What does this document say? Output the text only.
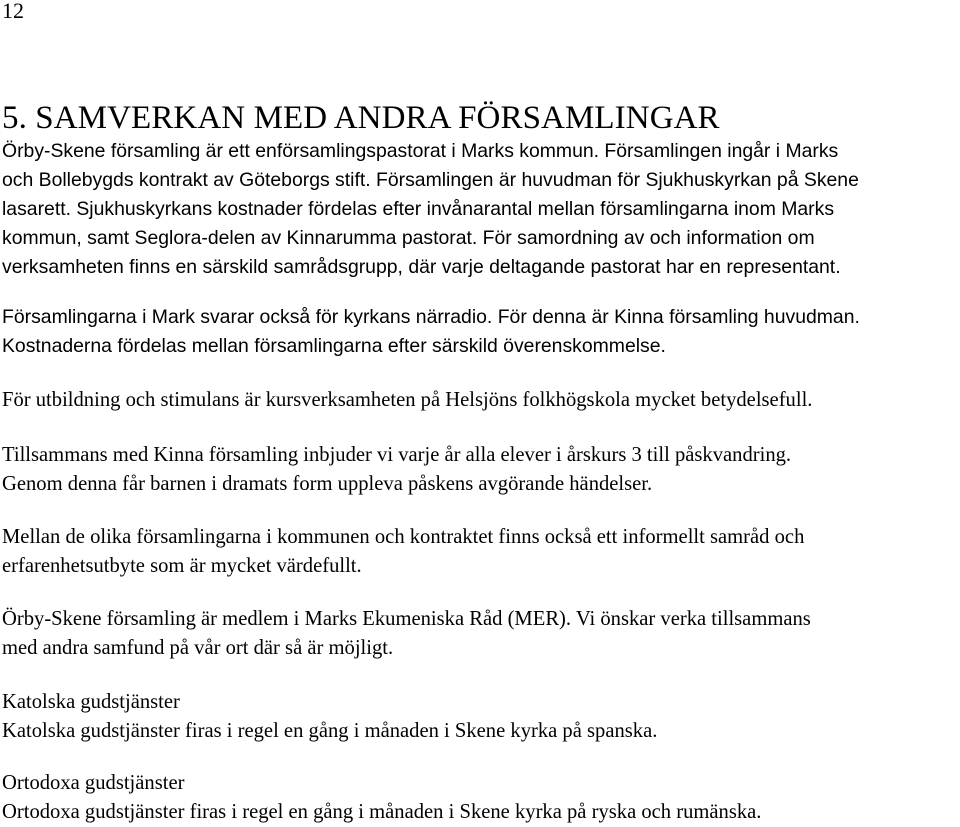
12
5. SAMVERKAN MED ANDRA FÖRSAMLINGAR

Örby-Skene församling är ett enförsamlingspastorat i Marks kommun. Församlingen ingår i Marks
och Bollebygds kontrakt av Göteborgs stift. Församlingen är huvudman för Sjukhuskyrkan på Skene
lasarett. Sjukhuskyrkans kostnader fördelas efter invånarantal mellan församlingarna inom Marks
kommun, samt Seglora-delen av Kinnarumma pastorat. För samordning av och information om
verksamheten finns en särskild samrådsgrupp, där varje deltagande pastorat har en representant.

Församlingarna i Mark svarar också för kyrkans närradio. För denna är Kinna församling huvudman.
Kostnaderna fördelas mellan församlingarna efter särskild överenskommelse.

För utbildning och stimulans är kursverksamheten på Helsjöns folkhögskola mycket betydelsefull.

Tillsammans med Kinna församling inbjuder vi varje år alla elever i årskurs 3 till påskvandring.
Genom denna får barnen i dramats form uppleva påskens avgörande händelser.

Mellan de olika församlingarna i kommunen och kontraktet finns också ett informellt samråd och
erfarenhetsutbyte som är mycket värdefullt.

Örby-Skene församling är medlem i Marks Ekumeniska Råd (MER). Vi önskar verka tillsammans
med andra samfund på vår ort där så är möjligt.

Katolska gudstjänster
Katolska gudstjänster firas i regel en gång i månaden i Skene kyrka på spanska.

Ortodoxa gudstjänster
Ortodoxa gudstjänster firas i regel en gång i månaden i Skene kyrka på ryska och rumänska.
